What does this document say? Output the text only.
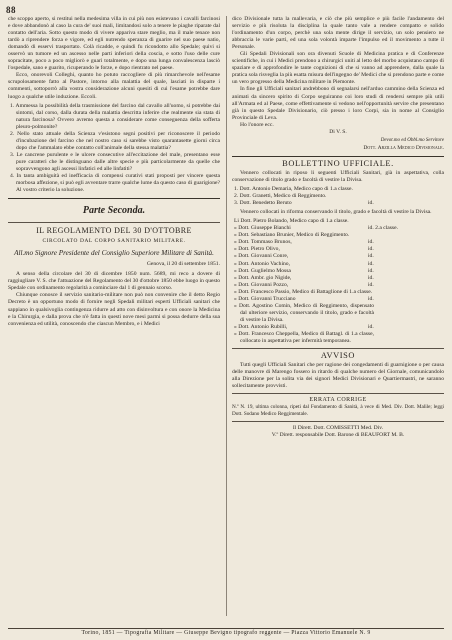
88

che scoppo aperto, si restitui nella medesima villa in cui più non esistevano i cavalli farcinosi e dove abbandonò al caso la cura de' suoi mali, limitandosi solo a tenere le piaghe riparate dal contatto dell'aria. Sotto questo modo di vivere appariva stare meglio, ma il male tenace non tardò a riprendere forza e vigore, ed egli nutrendo speranza di guarire nel suo paese natio, domandò di esservi trasportato. Colà ricadde, e quindi fu ricondotto allo Spedale; quivi si osservò un tumore ed un ascesso nelle parti inferiori della coscia, e sotto l'uso delle cure sopracitate, poco a poco migliorò e guarì totalmente, e dopo una lunga convalescenza lasciò l'ospedale, sano e guarito, ricuperando le forze, e dopo rientrato nel paese.

Ecco, onorevoli Colleghi, quanto ho potuto raccogliere di più rimarchevole nell'esame scrupolosamente fatto al Pastore, intorno alla malattia del quale, lasciati in disparte i commenti, sottoporrò alla vostra considerazione alcuni quesiti di cui l'esame potrebbe dare luogo a qualche utile induzione. Eccoli.

1. Ammessa la possibilità della trasmissione del farcino dal cavallo all'uomo, si potrebbe dai sintomi, dal corso, dalla durata della malattia descritta inferire che realmente sia stata di natura farcinosa? Ovvero avremo questa a considerare come conseguenza della sofferta pleuro-polmonite?
2. Nello stato attuale della Scienza v'esistono segni positivi per riconoscere il periodo d'incubazione del farcino che nel nostro caso si sarebbe visto quarantasette giorni circa dopo che l'ammalato ebbe contatto coll'animale della stessa malattia?
3. Le cancrene purulente e le ulcere consecutive all'eccitazione del male, presentano esse pure caratteri che le distinguano dalle altre specie e più particolarmente da quelle che sopravvengono agli ascessi linfatici ed alle linfatiti?
4. In tanta ambiguità ed inefficacia di compensi curativi stati proposti per vincere questa morbosa affezione, si può egli avventare trarre qualche lume da questo caso di guarigione? Al vostro criterio la soluzione.
Parte Seconda.
IL REGOLAMENTO DEL 30 D'OTTOBRE
CIRCOLATO DAL CORPO SANITARIO MILITARE.
All.mo Signore Presidente del Consiglio Superiore Militare di Sanità.
Genova, il 20 di settembre 1851.

A senso della circolare del 30 di dicembre 1850 num. 5689, mi reco a dovere di raggiugliare V. S. che l'attuazione del Regolamento del 30 d'ottobre 1850 ebbe luogo in questo Spedale con ordinamento regolarità a cominciare dal 1 di gennaio scorso.

Chiunque conosce il servizio sanitario-militare non può non convenire che il detto Regio Decreto è un opportuno modo di fornire negli Spedali militari esperti Ufficiali sanitari che sappiano in qualsivoglia contingenza ridurre ad atto con disinvoltura e con onore la Medicina e la Chirurgia, e dalla prova che n'è fatta in questi nove mesi parmi si possa dedurre della sua convenienza ed utilità, conoscendo che ciascun Membro, e i Medici

dico Divisionale tutta la mallevaria, e ciò che più semplice e più facile l'andamento del servizio e più risoluta la disciplina la quale tanto vale a rendere compatto e solido l'ordinamento d'un corpo, perchè una sola mente dirige il servizio, un solo pensiero ne abbraccia le varie parti, ed una sola volontà imparte l'impulso ed il movimento a tutte il Personale.

Gli Spedali Divisionali son ora divenuti Scuole di Medicina pratica e di Conferenze scientifiche, in cui i Medici prendono a chirurgici uniti al letto del morbo acquistano campo di spaziare e di approfondire le tante cognizioni di che si vanno ad apprendere, dalla quale la pratica sola risveglia la più esatta misura dell'ingegno de' Medici che si prendono parte e come un vero progresso della Medicina militare in Piemonte.

In fine gli Ufficiali sanitari andrebbono di segnalarsi nell'arduo cammino della Scienza ed animati da sincero spirito di Corpo seguiranno coi loro studi di rendersi sempre più utili all'Armata ed al Paese, come effettivamente si vedono nell'opportunità servire che presentano già in questo Spedale Divisionario, ciò presso i loro Corpi, sia in nome al Consiglio Provinciale di Leva.

Ho l'onore ecc.

Di V. S.
Devot.mo ed Obbl.mo Servitore
Dott. Arzilla Medico Divisionale.
BOLLETTINO UFFICIALE.

Vennero collocati in riposo li seguenti Ufficiali Sanitari, già in aspettativa, colla conservazione di titolo grado e facoltà di vestire la Divisa.

1. Dott. Antonio Demaria, Medico capo di 1.a classe.
2. Dott. Granetti, Medico di Reggimento.
3. Dott. Benedetto Beruto	id.

Vennero collocati in riforma conservando il titolo, grado e facoltà di vestire la Divisa.

Li Dott. Pietro Bolando, Medico capo di 1.a classe.
» Dott. Giuseppe Bianchi	id. 2.a classe.
» Dott. Sebastiano Brunier, Medico di Reggimento.
» Dott. Tommaso Brunos,	id.
» Dott. Pietro Olivo,	id.
» Dott. Giovanni Conre,	id.
» Dott. Antonio Vachino,	id.
» Dott. Guglielmo Mossa	id.
» Dott. Ambr. gio Nigide,	id.
» Dott. Giovanni Pozzo,	id.
» Dott. Francesco Passio, Medico di Battaglione di 1.a classe.
» Dott. Giovanni Trucciano	id.
» Dott. Agostino Comin, Medico di Reggimento, dispensato dal ulteriore servizio, conservando il titolo, grado e facoltà di vestire la Divisa.
» Dott. Antonio Rubilli,	id.
» Dott. Francesco Cheppella, Medico di Battagl. di 1.a classe, collocato in aspettativa per infermità temporanea.
AVVISO

Tutti quegli Ufficiali Sanitari che per ragione dei congedamenti di guarnigione o per causa delle manovre di Marengo fossero in ritardo di qualche numero del Giornale, comunicandolo alla Direzione per la solita via dei signori Medici Divisionari e Quartiermastri, ne saranno sollecitamente provvisti.

ERRATA CORRIGE

N.º N. 19, ultima colonna, ripeti dal Fondamento di Sanità, à vece di Med. Div. Dott. Malile; leggi Dott. Sodano Medico Reggimentale.

Il Dirett. Dott. COMISSETTI Med. Div.
V.º Dirett. responsabile Dott. Barone di BEAUFORT M. B.
Torino, 1851 — Tipografia Militare — Giuseppe Bevigno tipografo reggente — Piazza Vittorio Emanuele N. 9
